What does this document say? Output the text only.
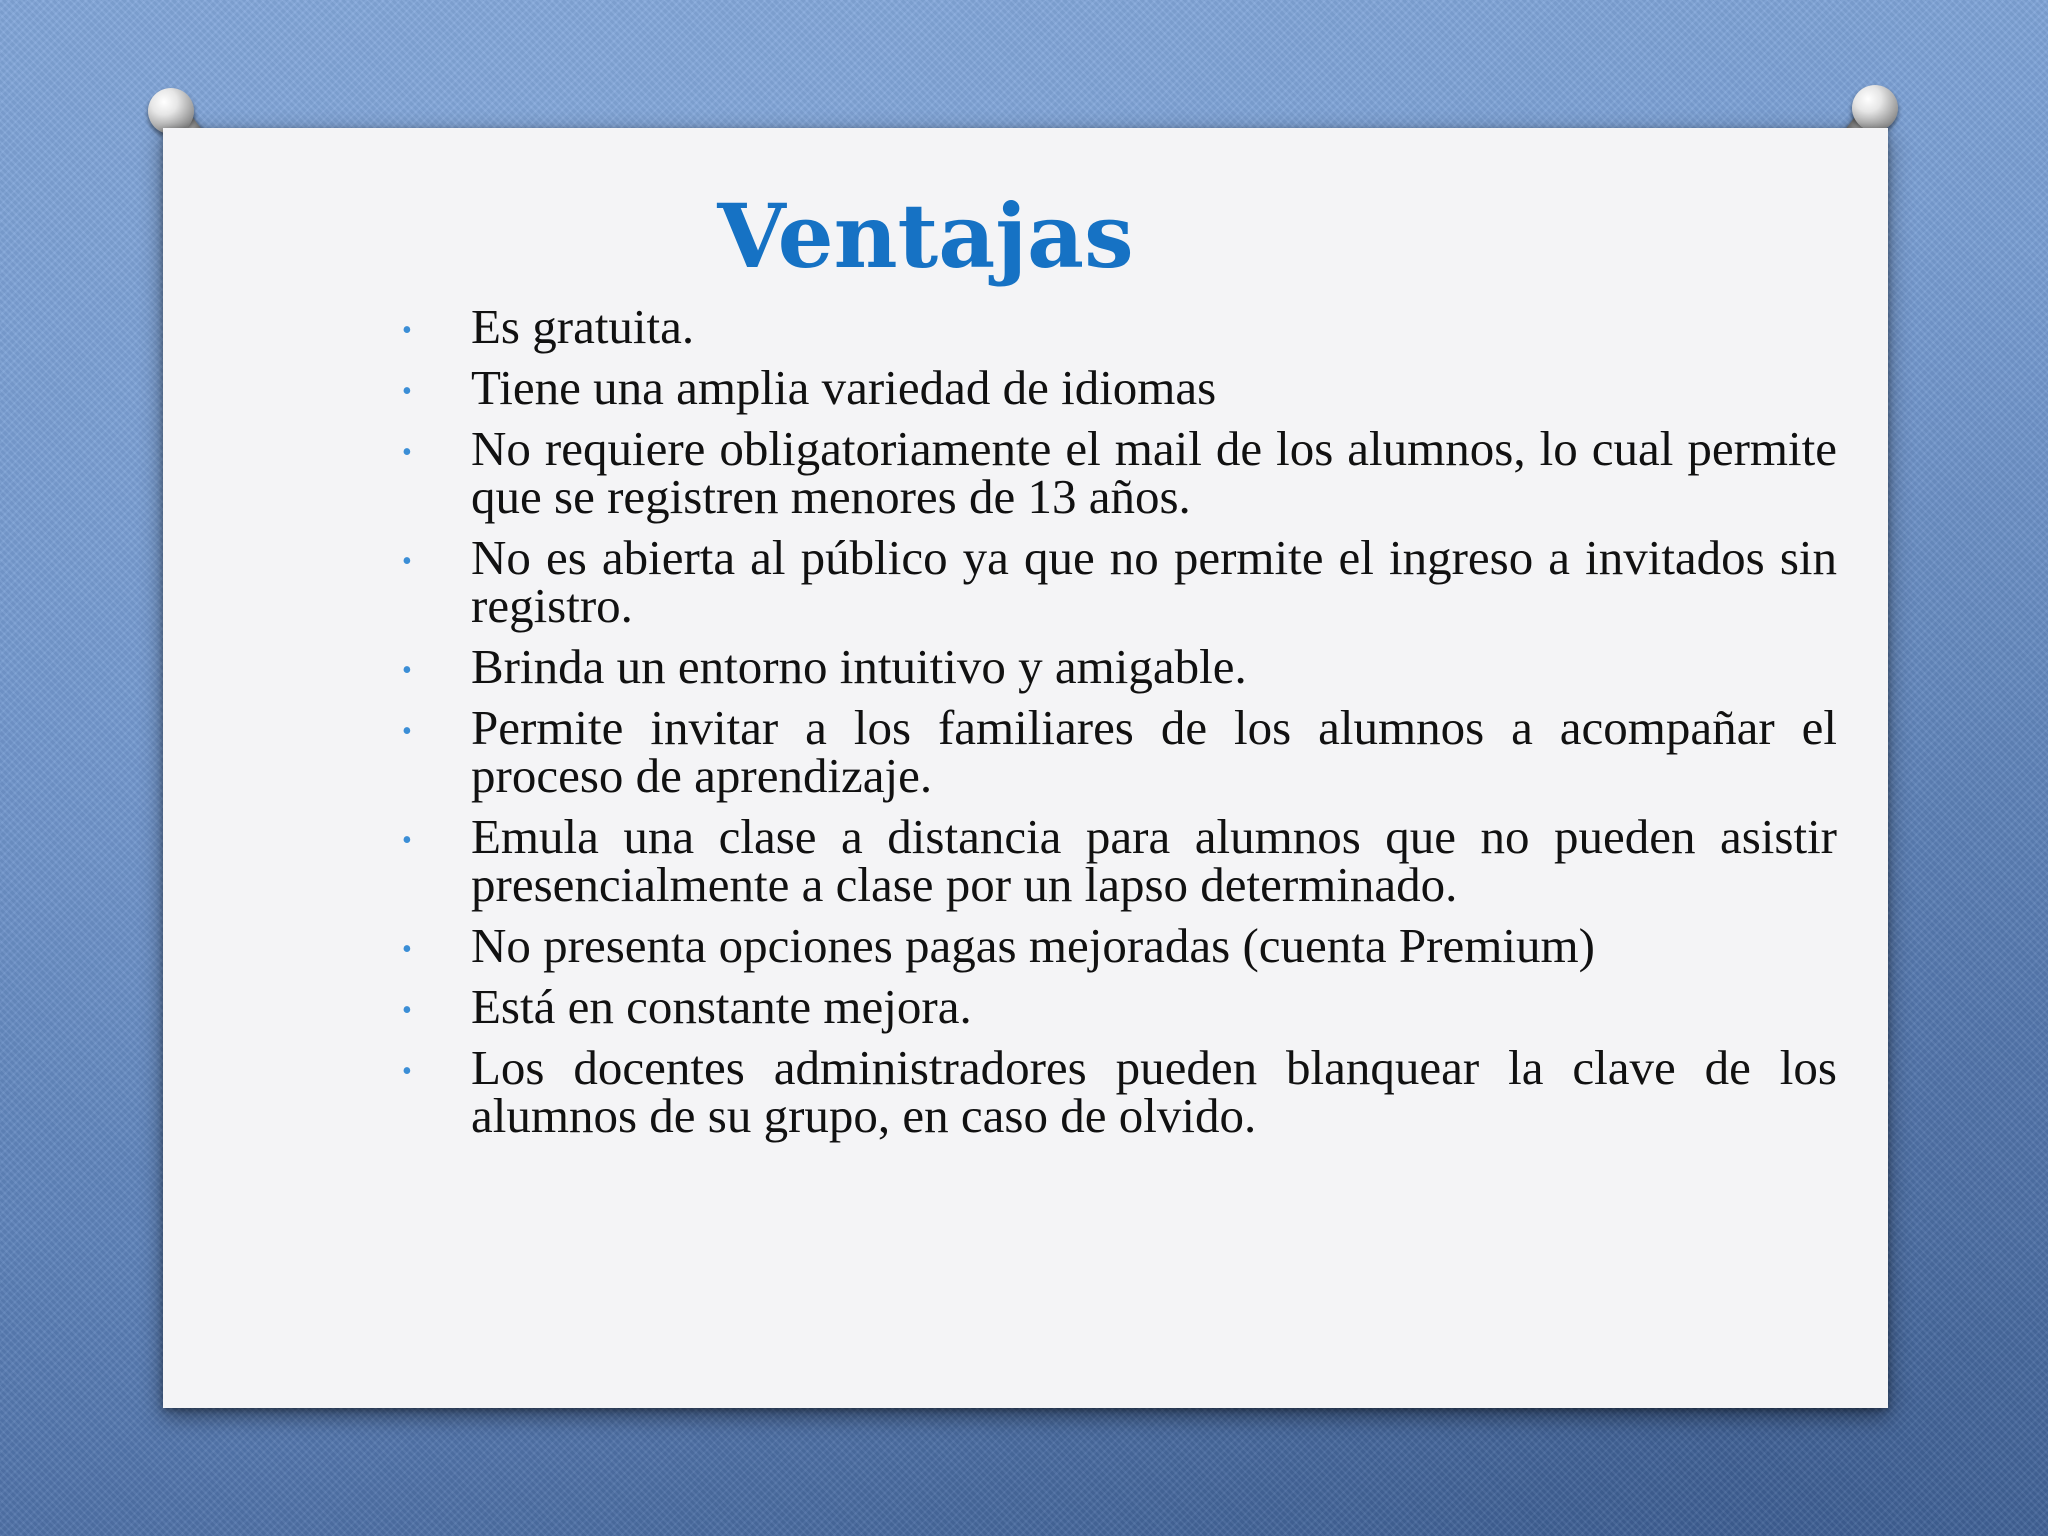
Ventajas
• Es gratuita.
• Tiene una amplia variedad de idiomas
• No requiere obligatoriamente el mail de los alumnos, lo cual permite que se registren menores de 13 años.
• No es abierta al público ya que no permite el ingreso a invitados sin registro.
• Brinda un entorno intuitivo y amigable.
• Permite invitar a los familiares de los alumnos a acompañar el proceso de aprendizaje.
• Emula una clase a distancia para alumnos que no pueden asistir presencialmente a clase por un lapso determinado.
• No presenta opciones pagas mejoradas (cuenta Premium)
• Está en constante mejora.
• Los docentes administradores pueden blanquear la clave de los alumnos de su grupo, en caso de olvido.
